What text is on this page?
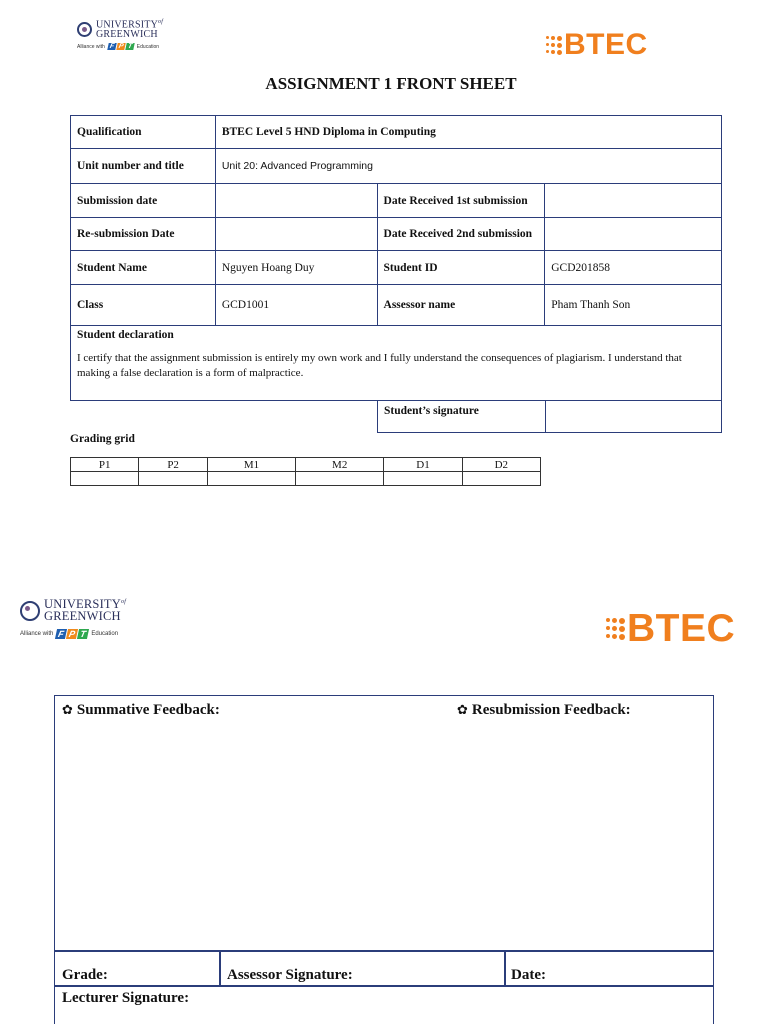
$UNIVERSITY^{of}$
GREENWICH
Alliance with F P T Education	BTEC
ASSIGNMENT 1 FRONT SHEET
Qualification	BTEC Level 5 HND Diploma in Computing		
Unit number and title	Unit 20: Advanced Programming		
Submission date		Date Received 1st submission	
Re-submission Date		Date Received 2nd submission	
Student Name	Nguyen Hoang Duy	Student ID	GCD201858
Class	GCD1001	Assessor name	Pham Thanh Son
Student declaration
I certify that the assignment submission is entirely my own work and I fully understand the consequences of plagiarism. I understand that making a false declaration is a form of malpractice.
Student’s signature
Grading grid
P1	P2	M1	M2	D1	D2

$UNIVERSITY^{of}$
GREENWICH
Alliance with F P T Education	BTEC
✿ Summative Feedback:	✿ Resubmission Feedback:
Grade:	Assessor Signature:	Date:
Lecturer Signature:
